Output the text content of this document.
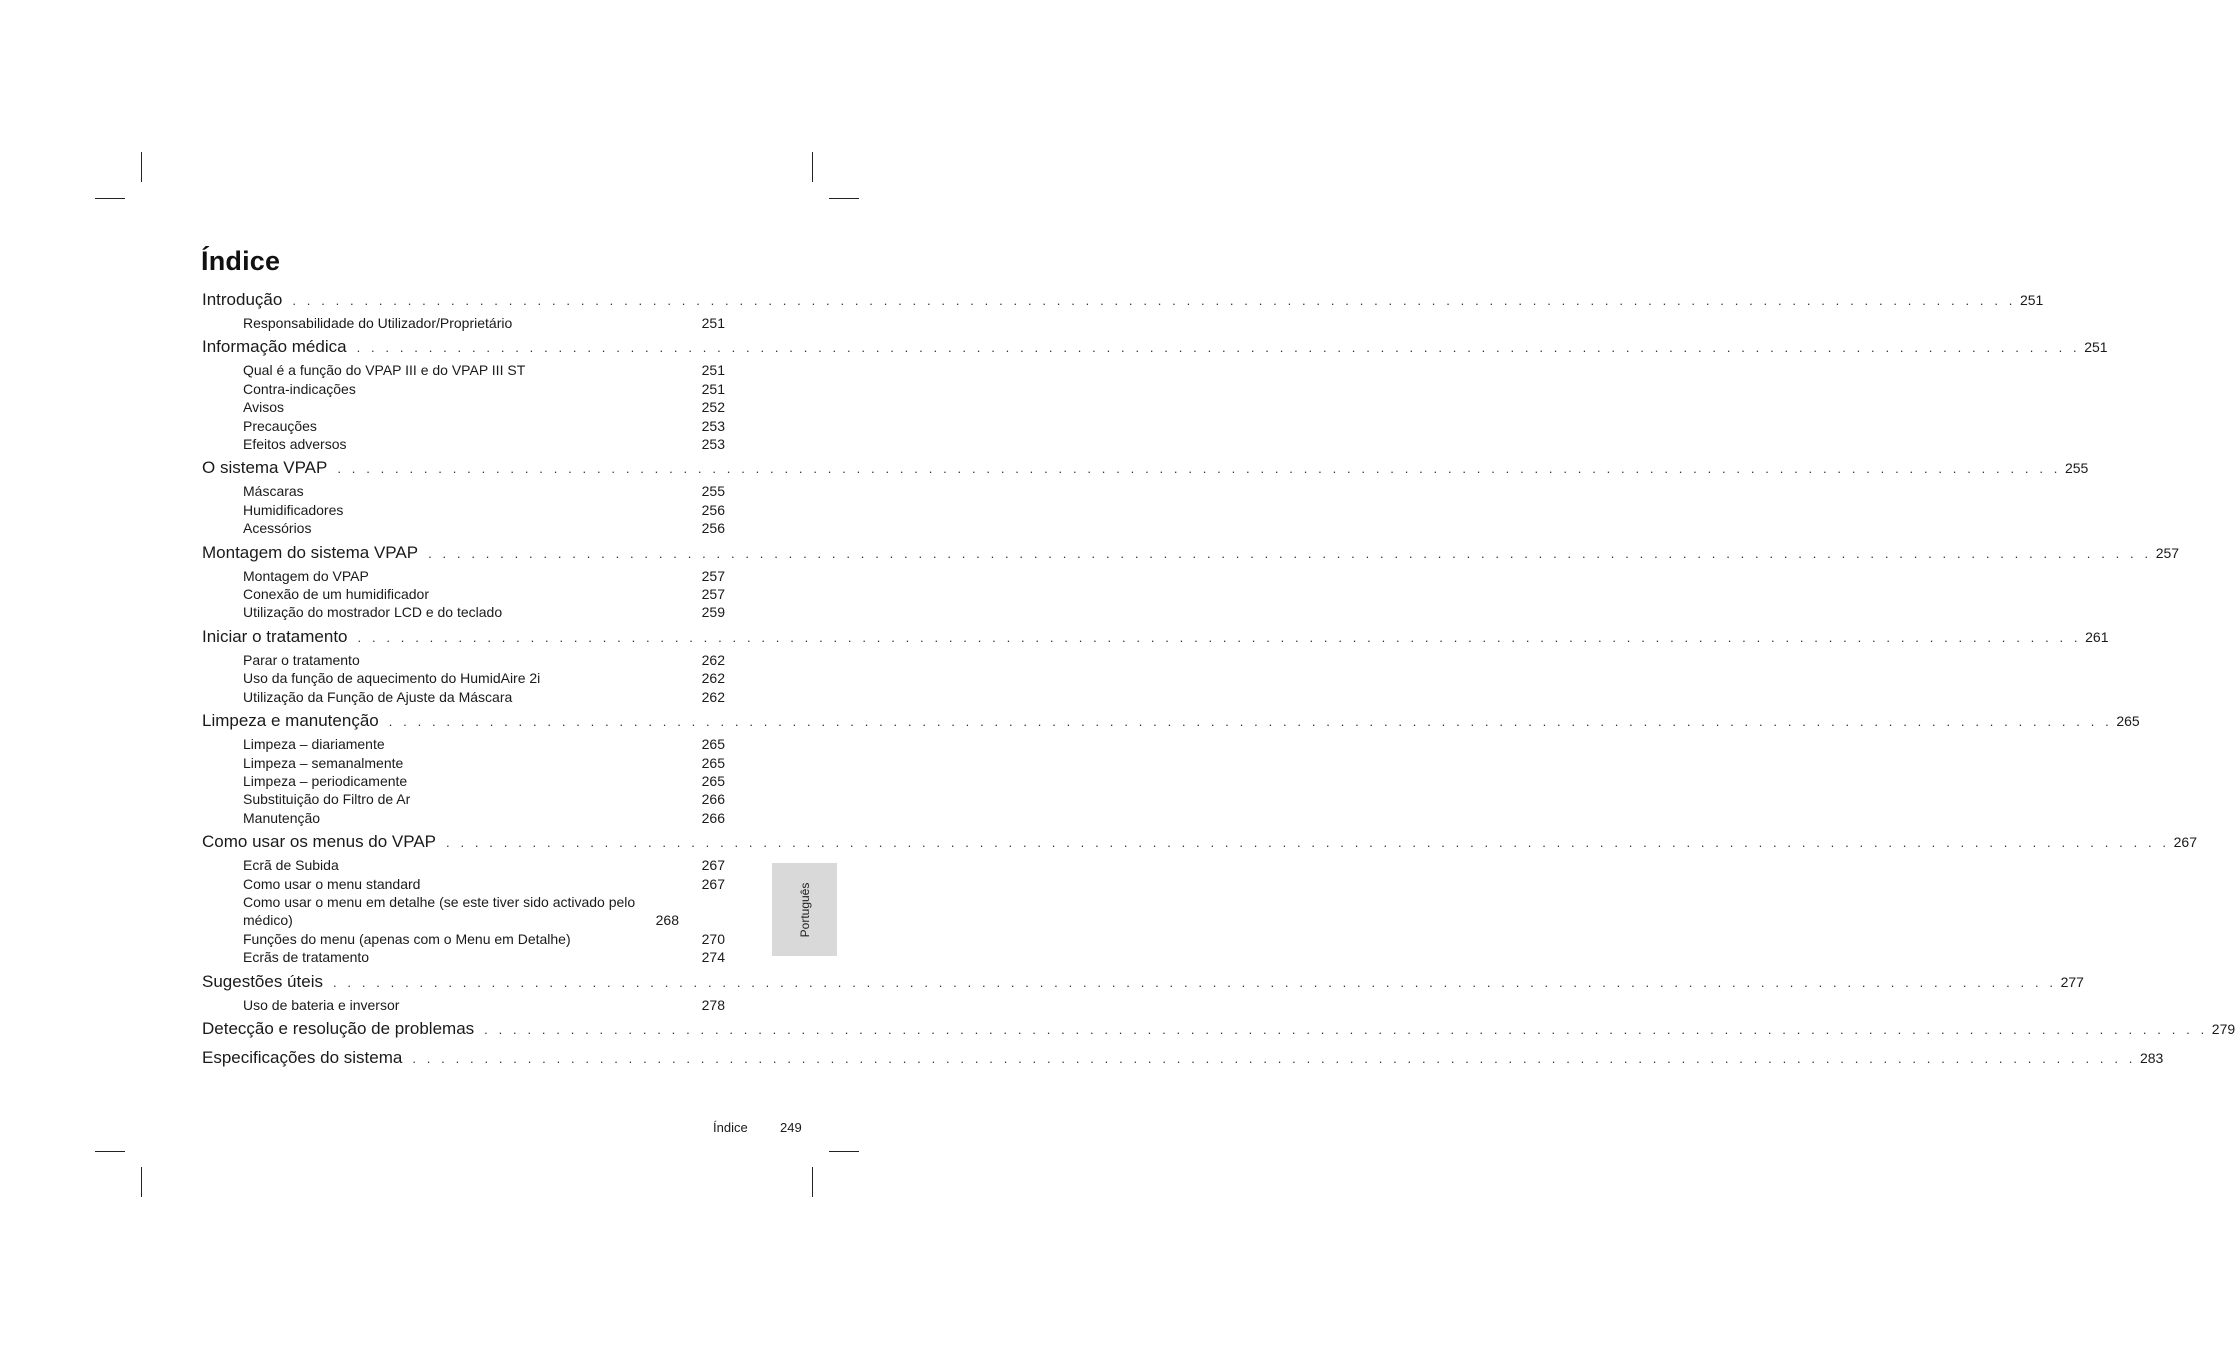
Índice
Introdução . . . . . . . . . . . . . . . . . . . . . . . . . . . . . . . . . . . . . . . . . . . . . . . . . . . . . . . . . . . . . . . . . . . . . . . . . . . . . . . . . . . . . . . . . . . . . . . . . . . . . . . . . . . . . . . . . . . . . . . . 251
Responsabilidade do Utilizador/Proprietário	251
Informação médica . . . . . . . . . . . . . . . . . . . . . . . . . . . . . . . . . . . . . . . . . . . . . . . . . . . . . . . . . . . . . . . . . . . . . . . . . . . . . . . . . . . . . . . . . . . . . . . . . . . . . . . . . . . . . . . . . . . . . . . . 251
Qual é a função do VPAP III e do VPAP III ST	251
Contra-indicações	251
Avisos	252
Precauções	253
Efeitos adversos	253
O sistema VPAP . . . . . . . . . . . . . . . . . . . . . . . . . . . . . . . . . . . . . . . . . . . . . . . . . . . . . . . . . . . . . . . . . . . . . . . . . . . . . . . . . . . . . . . . . . . . . . . . . . . . . . . . . . . . . . . . . . . . . . . . 255
Máscaras	255
Humidificadores	256
Acessórios	256
Montagem do sistema VPAP . . . . . . . . . . . . . . . . . . . . . . . . . . . . . . . . . . . . . . . . . . . . . . . . . . . . . . . . . . . . . . . . . . . . . . . . . . . . . . . . . . . . . . . . . . . . . . . . . . . . . . . . . . . . . . . . . . . . . . . . 257
Montagem do VPAP	257
Conexão de um humidificador	257
Utilização do mostrador LCD e do teclado	259
Iniciar o tratamento . . . . . . . . . . . . . . . . . . . . . . . . . . . . . . . . . . . . . . . . . . . . . . . . . . . . . . . . . . . . . . . . . . . . . . . . . . . . . . . . . . . . . . . . . . . . . . . . . . . . . . . . . . . . . . . . . . . . . . . . 261
Parar o tratamento	262
Uso da função de aquecimento do HumidAire 2i	262
Utilização da Função de Ajuste da Máscara	262
Limpeza e manutenção . . . . . . . . . . . . . . . . . . . . . . . . . . . . . . . . . . . . . . . . . . . . . . . . . . . . . . . . . . . . . . . . . . . . . . . . . . . . . . . . . . . . . . . . . . . . . . . . . . . . . . . . . . . . . . . . . . . . . . . . 265
Limpeza – diariamente	265
Limpeza – semanalmente	265
Limpeza – periodicamente	265
Substituição do Filtro de Ar	266
Manutenção	266
Como usar os menus do VPAP . . . . . . . . . . . . . . . . . . . . . . . . . . . . . . . . . . . . . . . . . . . . . . . . . . . . . . . . . . . . . . . . . . . . . . . . . . . . . . . . . . . . . . . . . . . . . . . . . . . . . . . . . . . . . . . . . . . . . . . . 267
Ecrã de Subida	267
Como usar o menu standard	267
Como usar o menu em detalhe (se este tiver sido activado pelo médico)	268
Funções do menu (apenas com o Menu em Detalhe)	270
Ecrãs de tratamento	274
Sugestões úteis . . . . . . . . . . . . . . . . . . . . . . . . . . . . . . . . . . . . . . . . . . . . . . . . . . . . . . . . . . . . . . . . . . . . . . . . . . . . . . . . . . . . . . . . . . . . . . . . . . . . . . . . . . . . . . . . . . . . . . . . 277
Uso de bateria e inversor	278
Detecção e resolução de problemas . . . . . . . . . . . . . . . . . . . . . . . . . . . . . . . . . . . . . . . . . . . . . . . . . . . . . . . . . . . . . . . . . . . . . . . . . . . . . . . . . . . . . . . . . . . . . . . . . . . . . . . . . . . . . . . . . . . . . . . . 279
Especificações do sistema . . . . . . . . . . . . . . . . . . . . . . . . . . . . . . . . . . . . . . . . . . . . . . . . . . . . . . . . . . . . . . . . . . . . . . . . . . . . . . . . . . . . . . . . . . . . . . . . . . . . . . . . . . . . . . . . . . . . . . . . 283
Português
Índice 249
